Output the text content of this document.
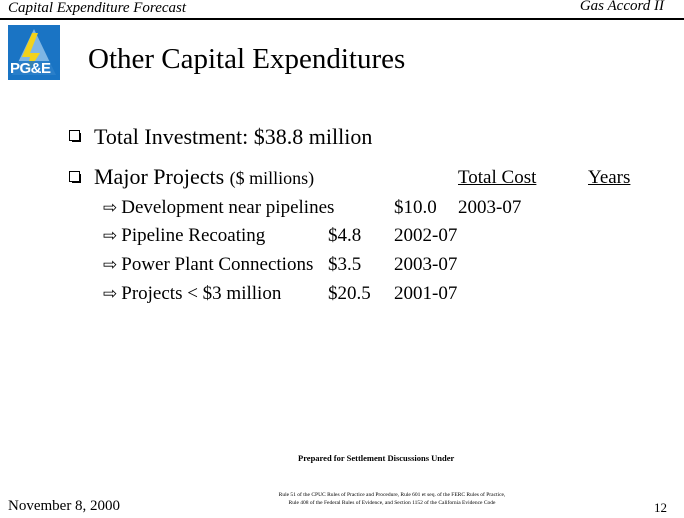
Capital Expenditure Forecast	Gas Accord II
PG&E Other Capital Expenditures
Total Investment: $38.8 million
Major Projects ($ millions)	Total Cost	Years
⇨ Development near pipelines	$10.0 2003-07
⇨ Pipeline Recoating	$4.8 2002-07
⇨ Power Plant Connections $3.5 2003-07
⇨ Projects < $3 million $20.5 2001-07
November 8, 2000
Prepared for Settlement Discussions Under
Rule 51 of the CPUC Rules of Practice and Procedure, Rule 601 et seq. of the FERC Rules of Practice, Rule 408 of the Federal Rules of Evidence, and Section 1152 of the California Evidence Code	12
